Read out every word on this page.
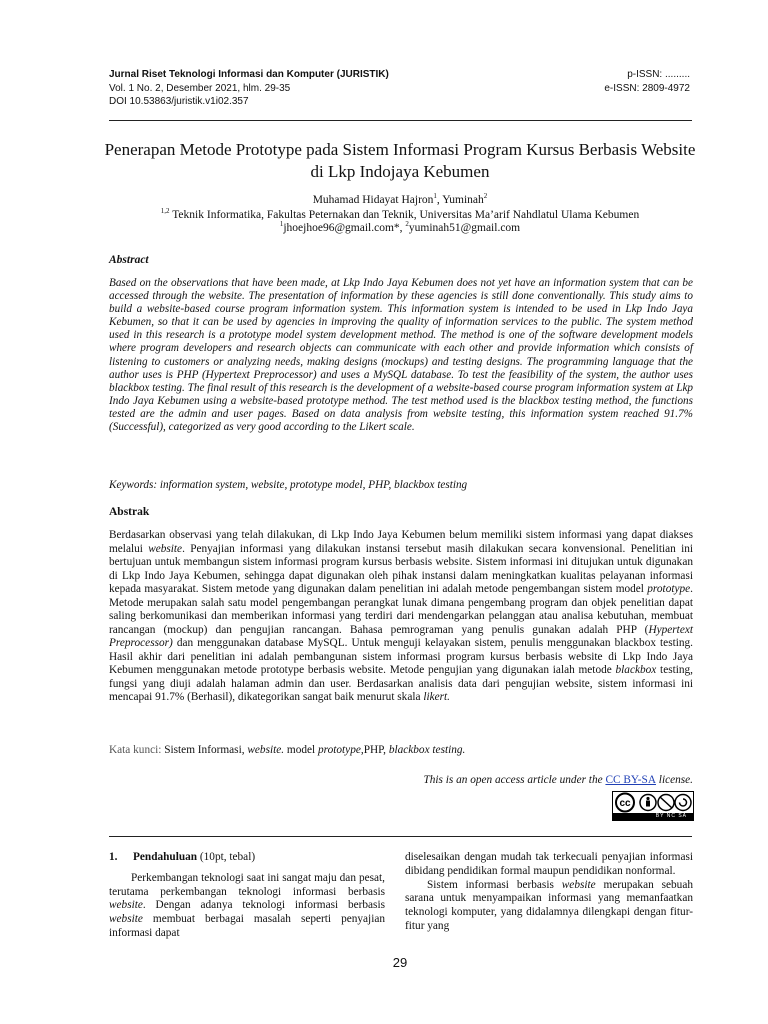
Jurnal Riset Teknologi Informasi dan Komputer (JURISTIK)
Vol. 1 No. 2, Desember 2021, hlm. 29-35
DOI 10.53863/juristik.v1i02.357
p-ISSN: .........
e-ISSN: 2809-4972
Penerapan Metode Prototype pada Sistem Informasi Program Kursus Berbasis Website di Lkp Indojaya Kebumen
Muhamad Hidayat Hajron$^1$, Yuminah$^2$
$^{1,2}$ Teknik Informatika, Fakultas Peternakan dan Teknik, Universitas Ma’arif Nahdlatul Ulama Kebumen
$^1$jhoejhoe96@gmail.com*, $^2$yuminah51@gmail.com
Abstract
Based on the observations that have been made, at Lkp Indo Jaya Kebumen does not yet have an information system that can be accessed through the website. The presentation of information by these agencies is still done conventionally. This study aims to build a website-based course program information system. This information system is intended to be used in Lkp Indo Jaya Kebumen, so that it can be used by agencies in improving the quality of information services to the public. The system method used in this research is a prototype model system development method. The method is one of the software development models where program developers and research objects can communicate with each other and provide information which consists of listening to customers or analyzing needs, making designs (mockups) and testing designs. The programming language that the author uses is PHP (Hypertext Preprocessor) and uses a MySQL database. To test the feasibility of the system, the author uses blackbox testing. The final result of this research is the development of a website-based course program information system at Lkp Indo Jaya Kebumen using a website-based prototype method. The test method used is the blackbox testing method, the functions tested are the admin and user pages. Based on data analysis from website testing, this information system reached 91.7% (Successful), categorized as very good according to the Likert scale.
Keywords: information system, website, prototype model, PHP, blackbox testing
Abstrak
Berdasarkan observasi yang telah dilakukan, di Lkp Indo Jaya Kebumen belum memiliki sistem informasi yang dapat diakses melalui website. Penyajian informasi yang dilakukan instansi tersebut masih dilakukan secara konvensional. Penelitian ini bertujuan untuk membangun sistem informasi program kursus berbasis website. Sistem informasi ini ditujukan untuk digunakan di Lkp Indo Jaya Kebumen, sehingga dapat digunakan oleh pihak instansi dalam meningkatkan kualitas pelayanan informasi kepada masyarakat. Sistem metode yang digunakan dalam penelitian ini adalah metode pengembangan sistem model prototype. Metode merupakan salah satu model pengembangan perangkat lunak dimana pengembang program dan objek penelitian dapat saling berkomunikasi dan memberikan informasi yang terdiri dari mendengarkan pelanggan atau analisa kebutuhan, membuat rancangan (mockup) dan pengujian rancangan. Bahasa pemrograman yang penulis gunakan adalah PHP (Hypertext Preprocessor) dan menggunakan database MySQL. Untuk menguji kelayakan sistem, penulis menggunakan blackbox testing. Hasil akhir dari penelitian ini adalah pembangunan sistem informasi program kursus berbasis website di Lkp Indo Jaya Kebumen menggunakan metode prototype berbasis website. Metode pengujian yang digunakan ialah metode blackbox testing, fungsi yang diuji adalah halaman admin dan user. Berdasarkan analisis data dari pengujian website, sistem informasi ini mencapai 91.7% (Berhasil), dikategorikan sangat baik menurut skala likert.
Kata kunci: Sistem Informasi, website. model prototype,PHP, blackbox testing.
This is an open access article under the CC BY-SA license.
cc
BY NC SA

1. Pendahuluan (10pt, tebal)

Perkembangan teknologi saat ini sangat maju dan pesat, terutama perkembangan teknologi informasi berbasis website. Dengan adanya teknologi informasi berbasis website membuat berbagai masalah seperti penyajian informasi dapat

diselesaikan dengan mudah tak terkecuali penyajian informasi dibidang pendidikan formal maupun pendidikan nonformal.

Sistem informasi berbasis website merupakan sebuah sarana untuk menyampaikan informasi yang memanfaatkan teknologi komputer, yang didalamnya dilengkapi dengan fitur-fitur yang

29
